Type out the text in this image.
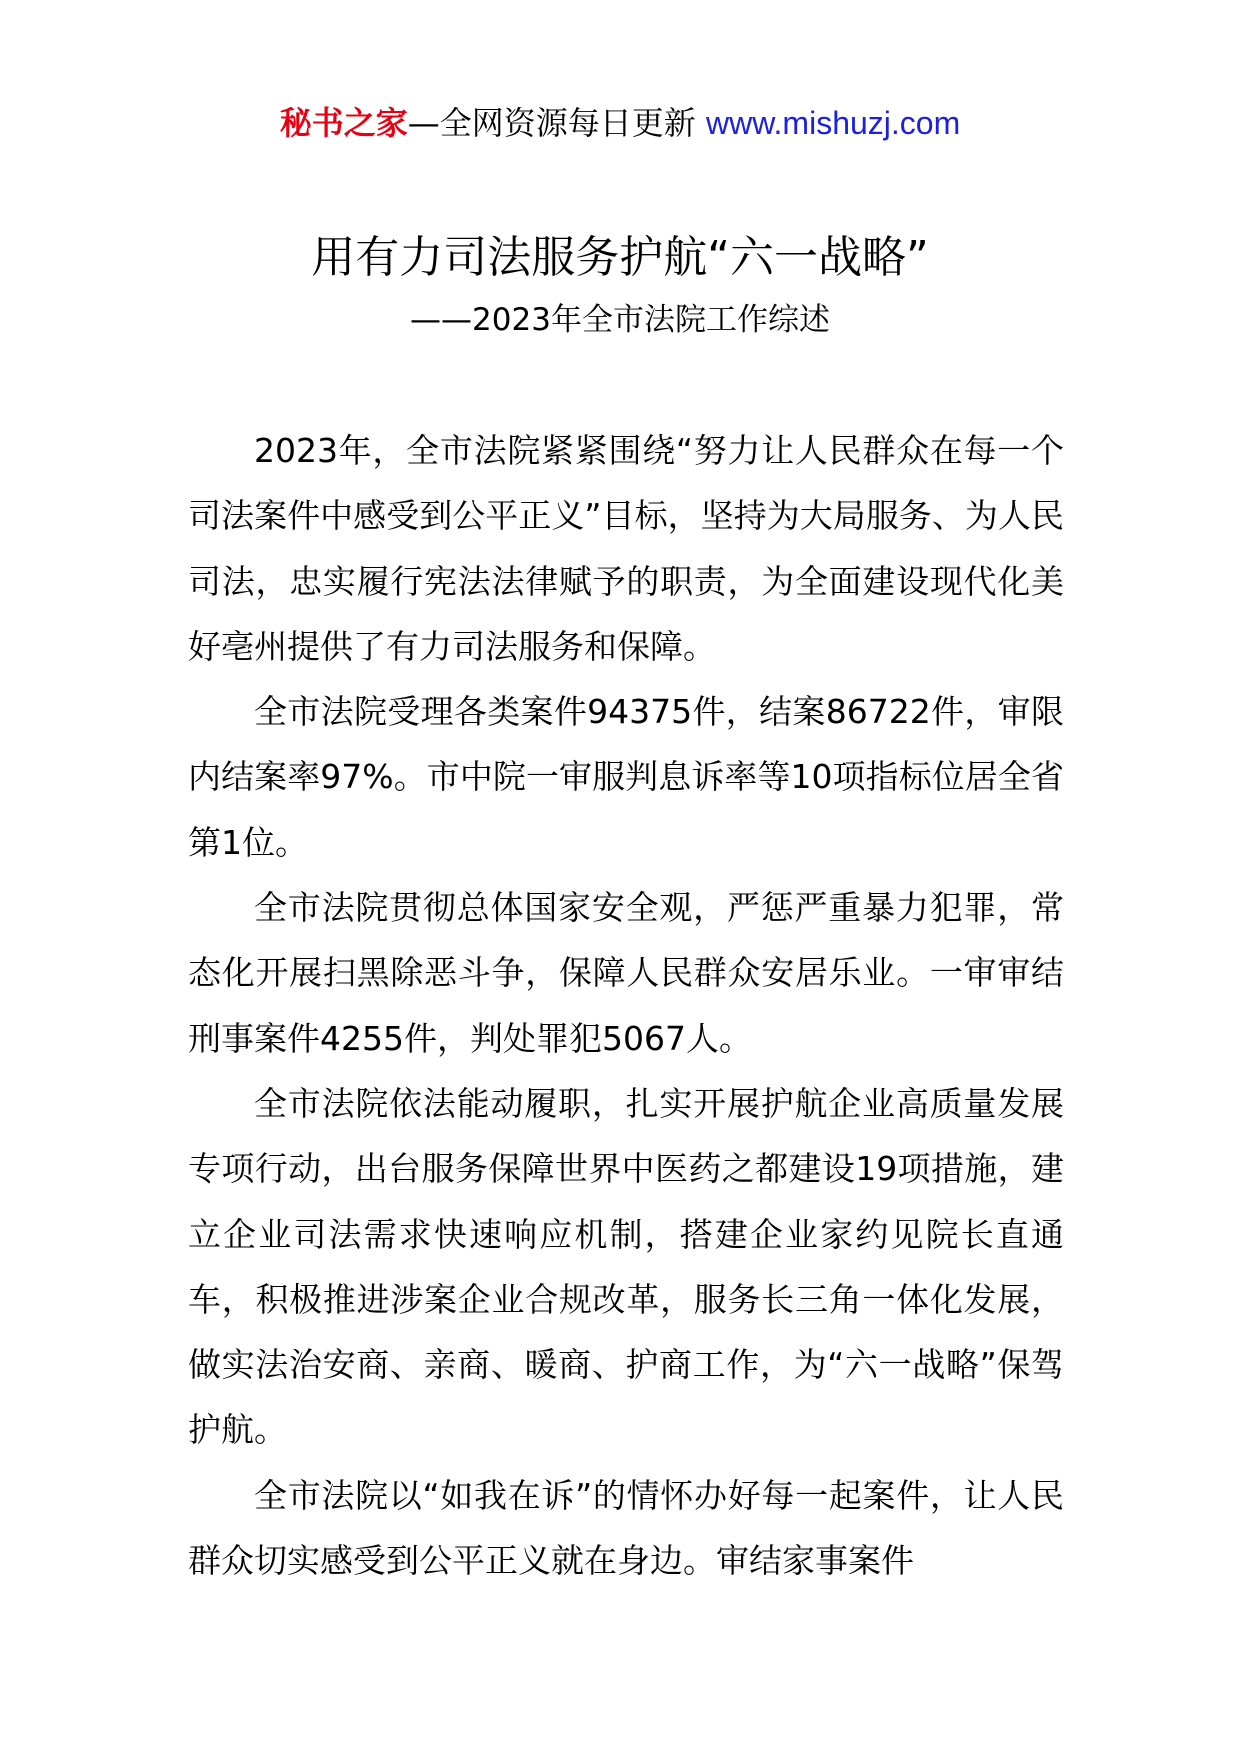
秘书之家—全网资源每日更新 www.mishuzj.com
用有力司法服务护航“六一战略”
——2023年全市法院工作综述

2023年，全市法院紧紧围绕“努力让人民群众在每一个司法案件中感受到公平正义”目标，坚持为大局服务、为人民司法，忠实履行宪法法律赋予的职责，为全面建设现代化美好亳州提供了有力司法服务和保障。

全市法院受理各类案件94375件，结案86722件，审限内结案率97%。市中院一审服判息诉率等10项指标位居全省第1位。

全市法院贯彻总体国家安全观，严惩严重暴力犯罪，常态化开展扫黑除恶斗争，保障人民群众安居乐业。一审审结刑事案件4255件，判处罪犯5067人。

全市法院依法能动履职，扎实开展护航企业高质量发展专项行动，出台服务保障世界中医药之都建设19项措施，建立企业司法需求快速响应机制，搭建企业家约见院长直通车，积极推进涉案企业合规改革，服务长三角一体化发展，做实法治安商、亲商、暖商、护商工作，为“六一战略”保驾护航。

全市法院以“如我在诉”的情怀办好每一起案件，让人民群众切实感受到公平正义就在身边。审结家事案件
